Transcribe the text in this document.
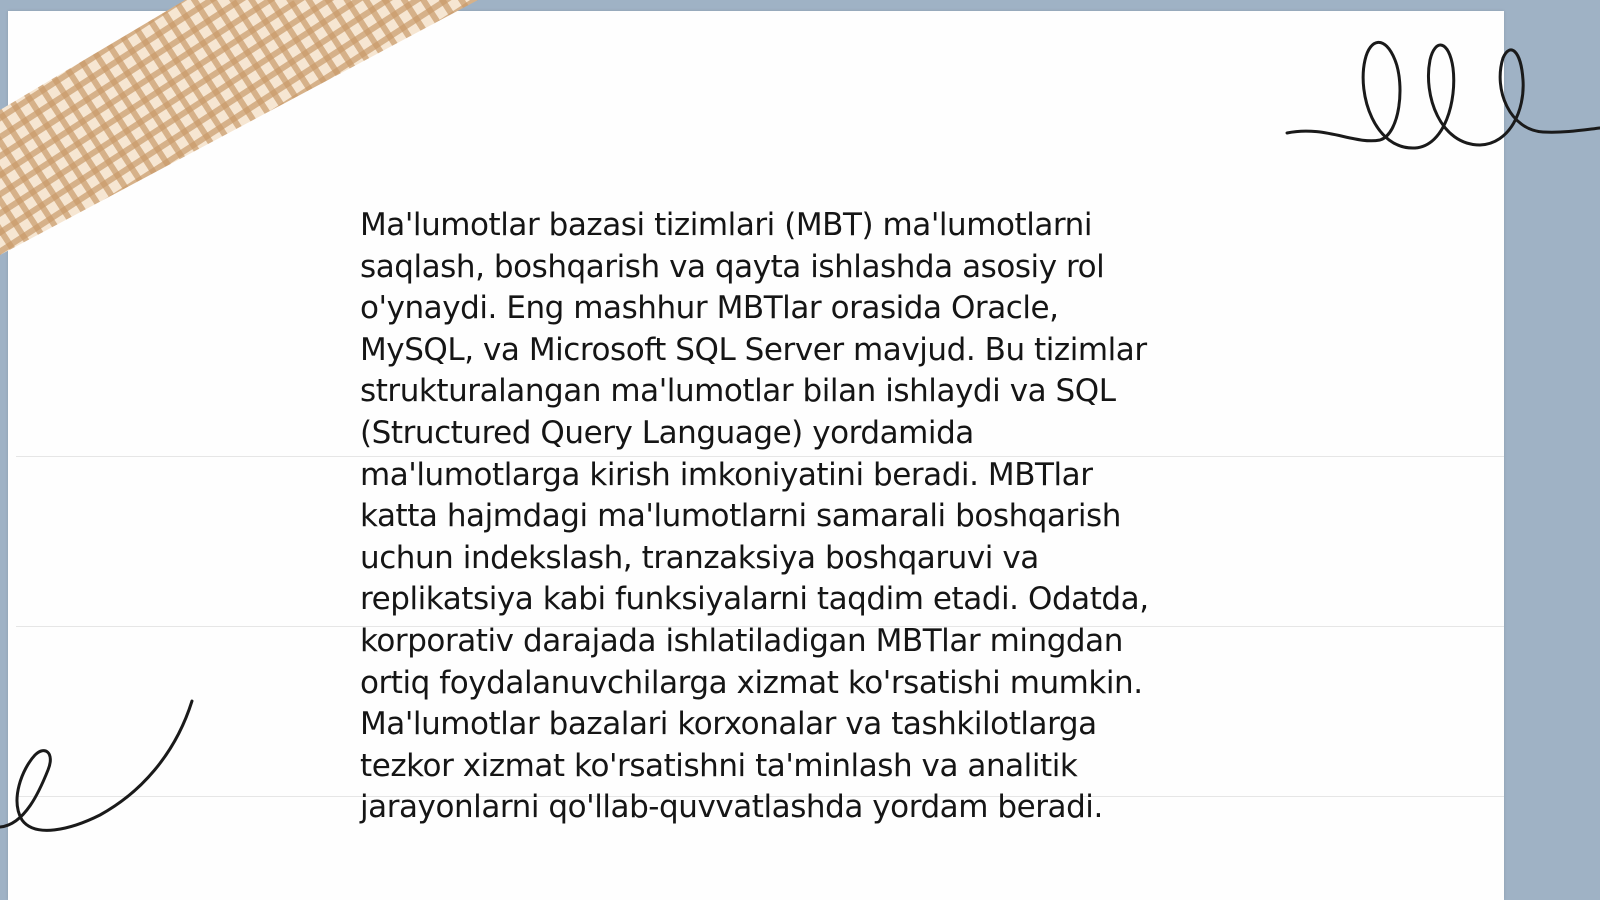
Ma'lumotlar bazasi tizimlari (MBT) ma'lumotlarni
saqlash, boshqarish va qayta ishlashda asosiy rol
o'ynaydi. Eng mashhur MBTlar orasida Oracle,
MySQL, va Microsoft SQL Server mavjud. Bu tizimlar
strukturalangan ma'lumotlar bilan ishlaydi va SQL
(Structured Query Language) yordamida
ma'lumotlarga kirish imkoniyatini beradi. MBTlar
katta hajmdagi ma'lumotlarni samarali boshqarish
uchun indekslash, tranzaksiya boshqaruvi va
replikatsiya kabi funksiyalarni taqdim etadi. Odatda,
korporativ darajada ishlatiladigan MBTlar mingdan
ortiq foydalanuvchilarga xizmat ko'rsatishi mumkin.
Ma'lumotlar bazalari korxonalar va tashkilotlarga
tezkor xizmat ko'rsatishni ta'minlash va analitik
jarayonlarni qo'llab-quvvatlashda yordam beradi.
